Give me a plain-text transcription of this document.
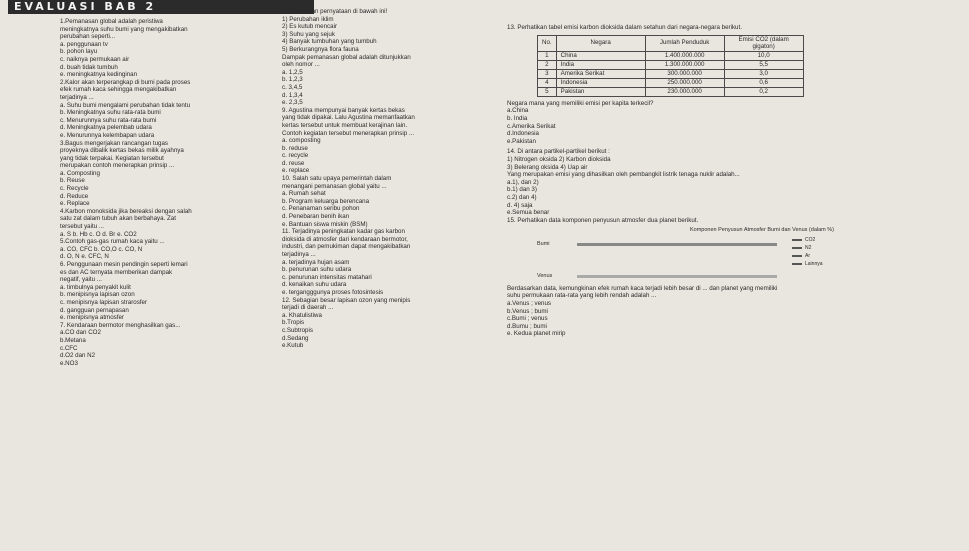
EVALUASI BAB 2
1.Pemanasan global adalah peristiwa
meningkatnya suhu bumi yang mengakibatkan
perubahan seperti...
a. penggunaan tv
b. pohon layu
c. naiknya permukaan air
d. buah tidak tumbuh
e. meningkatnya kedinginan
2.Kalor akan terperangkap di bumi pada proses
efek rumah kaca sehingga mengakibatkan
terjadinya ...
a. Suhu bumi mengalami perubahan tidak tentu
b. Meningkatnya suhu rata-rata bumi
c. Menurunnya suhu rata-rata bumi
d. Meningkatnya pelembab udara
e. Menurunnya kelembapan udara
3.Bagus mengerjakan rancangan tugas
proyeknya dibalik kertas bekas milik ayahnya
yang tidak terpakai. Kegiatan tersebut
merupakan contoh menerapkan prinsip ...
a. Composting
b. Reuse
c. Recycle
d. Reduce
e. Replace
4.Karbon monoksida jika bereaksi dengan salah
satu zat dalam tubuh akan berbahaya. Zat
tersebut yaitu ...
a. S b. Hb c. O d. Br e. CO2
5.Contoh gas-gas rumah kaca yaitu ...
a. CO, CFC b. CO,O c. CO, N
d. O, N e. CFC, N
6. Penggunaan mesin pendingin seperti lemari
es dan AC ternyata memberikan dampak
negatif, yaitu ...
a. timbulnya penyakit kulit
b. menipisnya lapisan ozon
c. menipisnya lapisan strarosfer
d. gangguan pernapasan
e. menipisnya atmosfer
7. Kendaraan bermotor menghasilkan gas...
a.CO dan CO2
b.Metana
c.CFC
d.O2 dan N2
e.NO3
8. Perhatikan pernyataan di bawah ini!
1) Perubahan iklim
2) Es kutub mencair
3) Suhu yang sejuk
4) Banyak tumbuhan yang tumbuh
5) Berkurangnya flora fauna
Dampak pemanasan global adalah ditunjukkan
oleh nomor ...
a. 1,2,5
b. 1,2,3
c. 3,4,5
d. 1,3,4
e. 2,3,5
9. Agustina mempunyai banyak kertas bekas
yang tidak dipakai. Lalu Agustina memanfaatkan
kertas tersebut untuk membuat kerajinan lain.
Contoh kegiatan tersebut menerapkan prinsip ...
a. composting
b. reduse
c. recycle
d. reuse
e. replace
10. Salah satu upaya pemerintah dalam
menangani pemanasan global yaitu ...
a. Rumah sehat
b. Program keluarga berencana
c. Penanaman seribu pohon
d. Penebaran benih ikan
e. Bantuan siswa miskin (BSM)
11. Terjadinya peningkatan kadar gas karbon
dioksida di atmosfer dari kendaraan bermotor,
industri, dan pemukiman dapat mengakibatkan
terjadinya ...
a. terjadinya hujan asam
b. penurunan suhu udara
c. penurunan intensitas matahari
d. kenaikan suhu udara
e. tergangggunya proses fotosintesis
12. Sebagian besar lapisan ozon yang menipis
terjadi di daerah ...
a. Khatulistiwa
b.Tropis
c.Subtropis
d.Sedang
e.Kutub
13. Perhatikan tabel emisi karbon dioksida dalam setahun dari negara-negara berikut.
No.	Negara	Jumlah Penduduk	Emisi CO2 (dalam gigaton)
1	China	1.400.000.000	10,0
2	India	1.300.000.000	5,5
3	Amerika Serikat	300.000.000	3,0
4	Indonesia	250.000.000	0,6
5	Pakistan	230.000.000	0,2
Negara mana yang memiliki emisi per kapita terkecil?
a.China
b. India
c.Amerika Serikat
d.Indonesia
e.Pakistan
14. Di antara partikel-partikel berikut :
1) Nitrogen oksida 2) Karbon dioksida
3) Belerang oksida 4) Uap air
Yang merupakan emisi yang dihasilkan oleh pembangkit listrik tenaga nuklir adalah...
a.1), dan 2)
b.1) dan 3)
c.2) dan 4)
d. 4) saja
e.Semua benar
15. Perhatikan data komponen penyusun atmosfer dua planet berikut.
Komponen Penyusun Atmosfer Bumi dan Venus (dalam %)
Bumi
Venus
CO2
N2
Ar
Lainnya
Berdasarkan data, kemungkinan efek rumah kaca terjadi lebih besar di ... dan planet yang memiliki
suhu permukaan rata-rata yang lebih rendah adalah ...
a.Venus ; venus
b.Venus ; bumi
c.Bumi ; venus
d.Bumu ; bumi
e. Kedua planet mirip
